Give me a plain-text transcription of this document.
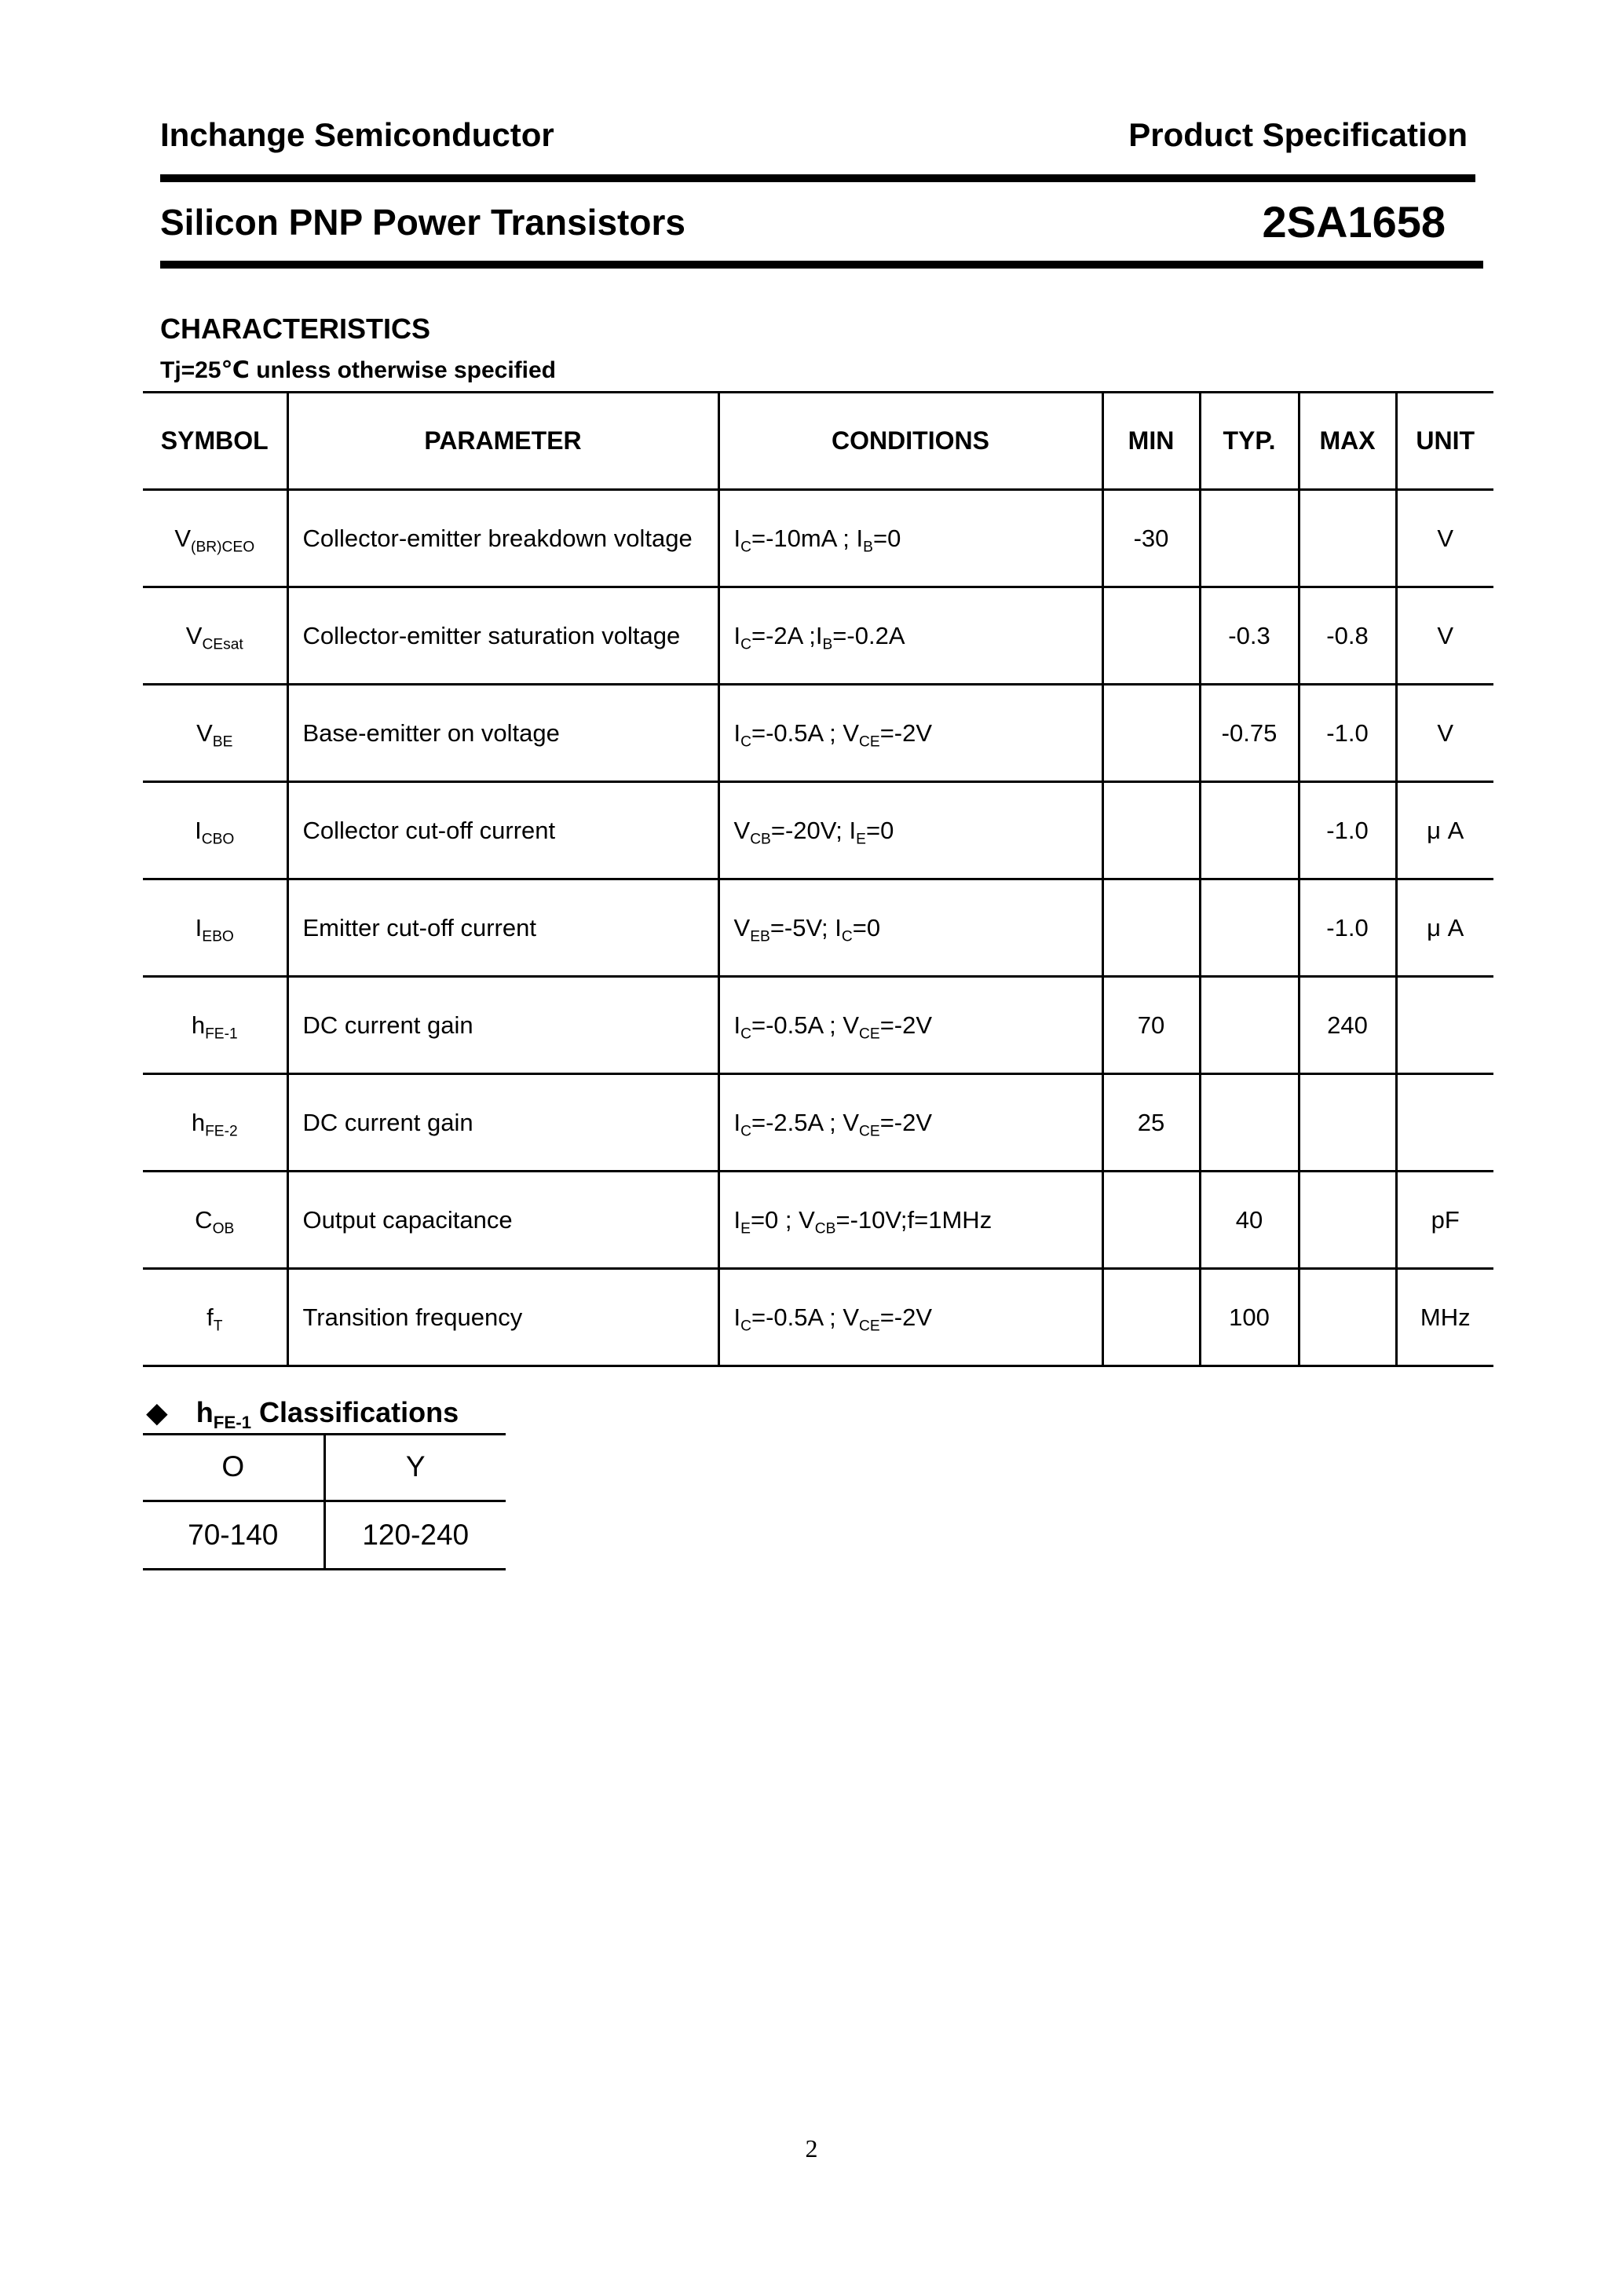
Inchange Semiconductor	Product Specification
Silicon PNP Power Transistors	2SA1658
CHARACTERISTICS
Tj=25℃ unless otherwise specified
SYMBOL	PARAMETER	CONDITIONS	MIN	TYP.	MAX	UNIT
$V_{(BR)CEO}$	Collector-emitter breakdown voltage	$I_C=-10mA$ ; $I_B=0$	-30			V
$V_{CEsat}$	Collector-emitter saturation voltage	$I_C=-2A$ $;I_B=-0.2A$		-0.3	-0.8	V
$V_{BE}$	Base-emitter on voltage	$I_C=-0.5A$ ; $V_{CE}=-2V$		-0.75	-1.0	V
$I_{CBO}$	Collector cut-off current	$V_{CB}=-20V$; $I_E=0$			-1.0	μ A
$I_{EBO}$	Emitter cut-off current	$V_{EB}=-5V$; $I_C=0$			-1.0	μ A
$h_{FE-1}$	DC current gain	$I_C=-0.5A$ ; $V_{CE}=-2V$	70		240	
$h_{FE-2}$	DC current gain	$I_C=-2.5A$ ; $V_{CE}=-2V$	25			
$C_{OB}$	Output capacitance	$I_E=0$ ; $V_{CB}=-10V;f=1MHz$		40		pF
$f_T$	Transition frequency	$I_C=-0.5A$ ; $V_{CE}=-2V$		100		MHz
◆ $h_{FE-1}$ Classifications
O	Y
70-140	120-240
2
